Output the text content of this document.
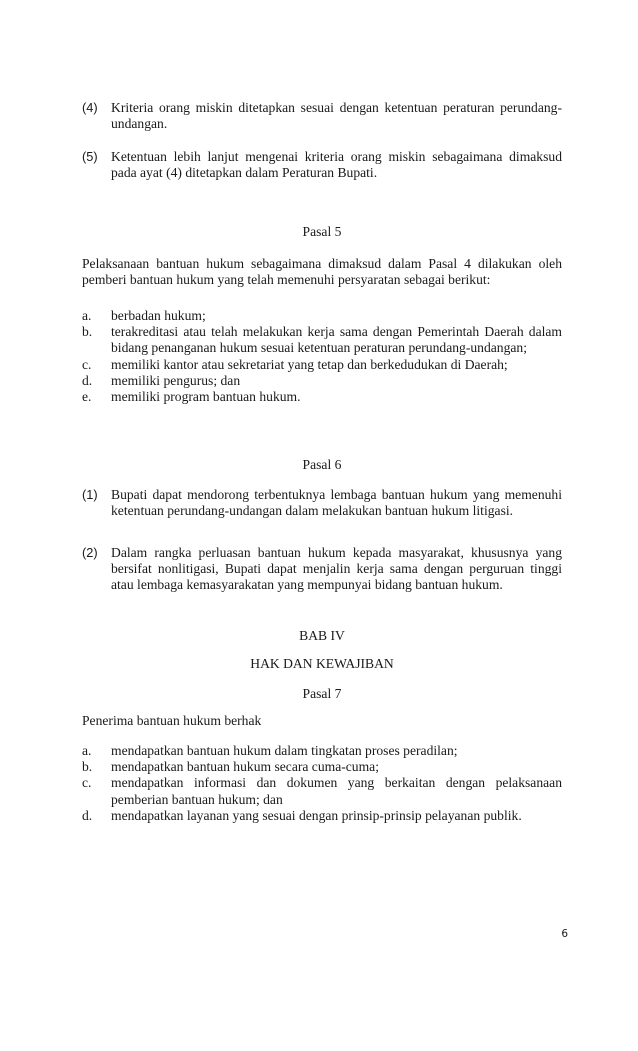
(4) Kriteria orang miskin ditetapkan sesuai dengan ketentuan peraturan perundang-undangan.
(5) Ketentuan lebih lanjut mengenai kriteria orang miskin sebagaimana dimaksud pada ayat (4) ditetapkan dalam Peraturan Bupati.
Pasal 5
Pelaksanaan bantuan hukum sebagaimana dimaksud dalam Pasal 4 dilakukan oleh pemberi bantuan hukum yang telah memenuhi persyaratan sebagai berikut:
a.	berbadan hukum;
b.	terakreditasi atau telah melakukan kerja sama dengan Pemerintah Daerah dalam bidang penanganan hukum sesuai ketentuan peraturan perundang-undangan;
c.	memiliki kantor atau sekretariat yang tetap dan berkedudukan di Daerah;
d.	memiliki pengurus; dan
e.	memiliki program bantuan hukum.
Pasal 6
(1) Bupati dapat mendorong terbentuknya lembaga bantuan hukum yang memenuhi ketentuan perundang-undangan dalam melakukan bantuan hukum litigasi.
(2) Dalam rangka perluasan bantuan hukum kepada masyarakat, khususnya yang bersifat nonlitigasi, Bupati dapat menjalin kerja sama dengan perguruan tinggi atau lembaga kemasyarakatan yang mempunyai bidang bantuan hukum.
BAB IV
HAK DAN KEWAJIBAN
Pasal 7
Penerima bantuan hukum berhak
a.	mendapatkan bantuan hukum dalam tingkatan proses peradilan;
b.	mendapatkan bantuan hukum secara cuma-cuma;
c.	mendapatkan informasi dan dokumen yang berkaitan dengan pelaksanaan pemberian bantuan hukum; dan
d.	mendapatkan layanan yang sesuai dengan prinsip-prinsip pelayanan publik.
6
